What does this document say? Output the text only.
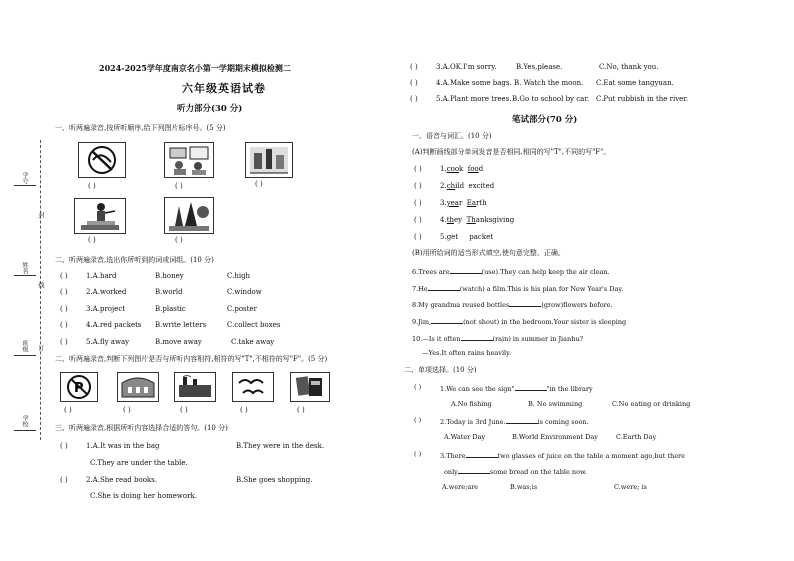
学号
封
姓名
线
班级 订
学校
2024-2025学年度南京名小第一学期期末模拟检测二
六年级英语试卷
听力部分(30 分)
一、听两遍录音,按所听顺序,给下列图片标序号。(5 分)
( )	( )	( )
( )	( )
二、听两遍录音,选出你所听到的词或词组。(10 分)
( )	1.A.hard	B.honey	C.high
( )	2.A.worked	B.world	C.window
( )	3.A.project	B.plastic	C.poster
( )	4.A.red packets B.write letters	C.collect boxes
( )	5.A.fly away	B.move away	C.take away
二、听两遍录音,判断下列图片是否与所听内容相符,相符的写"T",不相符的写"F"。(5 分)
P
( )	( )	( )	( )	( )
三、听两遍录音,根据所听内容选择合适的答句。(10 分)
( )	1.A.It was in the bag	B.They were in the desk.
C.They are under the table.
( )	2.A.She read books.	B.She goes shopping.
C.She is doing her homework.
( )	3.A.OK.I'm sorry.	B.Yes,please.	C.No, thank you.
( )	4.A.Make some bags. B. Watch the moon. C.Eat some tangyuan.
( )	5.A.Plant more trees. B.Go to school by car. C.Put rubbish in the river.
笔试部分(70 分)
一、语音与词汇。(10 分)
(A)判断画线部分单词发音是否相同,相同的写"T",不同的写"F"。
( )	1.cook food
( )	2.child excited
( )	3.year Earth
( )	4.they Thanksgiving
( )	5.get packet
(B)用所给词的适当形式填空,使句意完整、正确。
6.Trees are	(use).They can help keep the air clean.
7.He	(watch) a film.This is his plan for New Year's Day.
8.My grandma reused bottles	(grow)flowers before.
9.Jim,	(not shout) in the bedroom.Your sister is sleeping
10.—Is it often	(rain) in summer in Jianhu?
—Yes.It often rains heavily.
二、单项选择。(10 分)
( )	1.We can see the sign"	"in the library
A.No fishing	B. No swimming	C.No eating or drinking
( )	2.Today is 3rd June.	is coming soon.
A.Water Day	B.World Environment Day	C.Earth Day
( )	3.There	two glasses of juice on the table a moment ago,but there
only	some bread on the table now.
A.were;are	B.was;is	C.were; is
